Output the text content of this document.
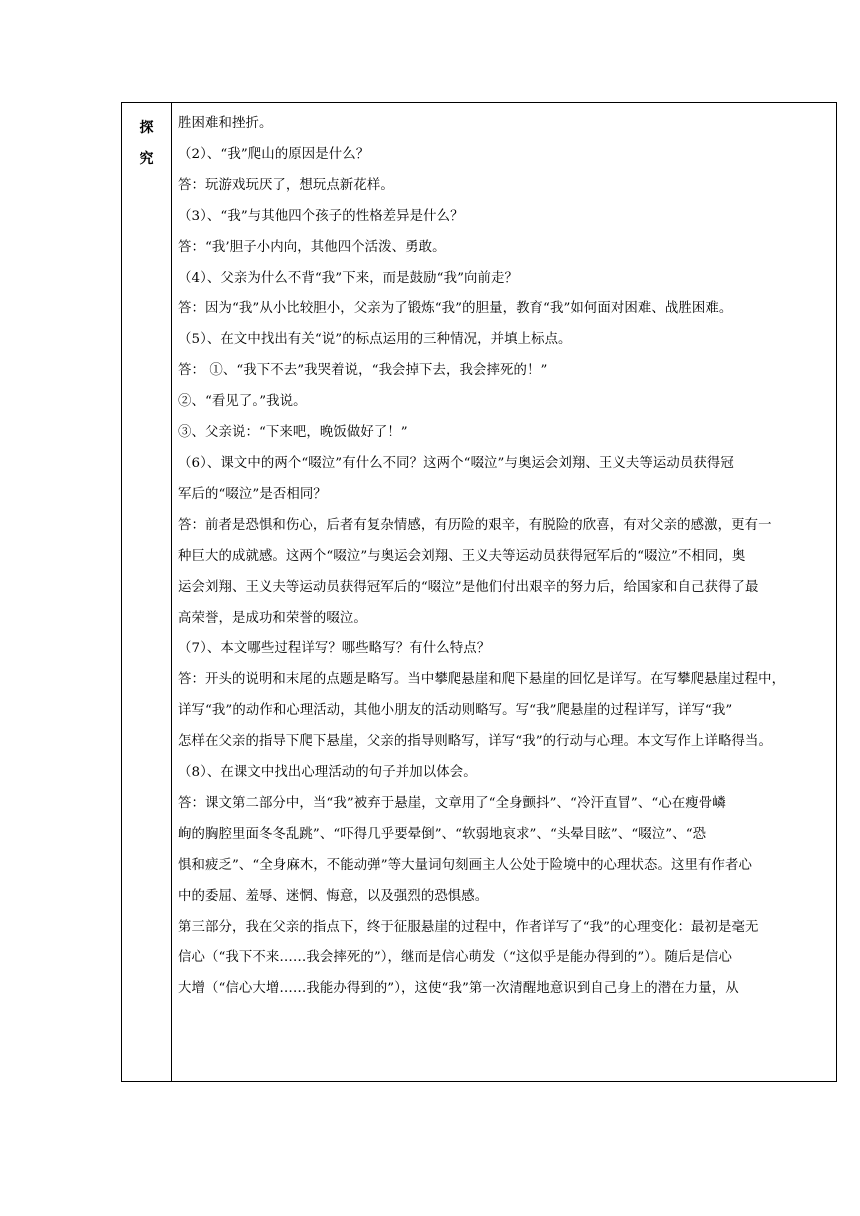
探
究
胜困难和挫折。
（2）、“我”爬山的原因是什么？
答：玩游戏玩厌了，想玩点新花样。
（3）、“我”与其他四个孩子的性格差异是什么？
答：“我’胆子小内向，其他四个活泼、勇敢。
（4）、父亲为什么不背“我”下来，而是鼓励“我”向前走？
答：因为“我”从小比较胆小，父亲为了锻炼“我”的胆量，教育“我”如何面对困难、战胜困难。
（5）、在文中找出有关“说”的标点运用的三种情况，并填上标点。
答： ①、“我下不去”我哭着说，“我会掉下去，我会摔死的！”
②、“看见了。”我说。
③、父亲说：“下来吧，晚饭做好了！”
（6）、课文中的两个“啜泣”有什么不同？这两个“啜泣”与奥运会刘翔、王义夫等运动员获得冠
军后的“啜泣”是否相同？
答：前者是恐惧和伤心，后者有复杂情感，有历险的艰辛，有脱险的欣喜，有对父亲的感激，更有一
种巨大的成就感。这两个“啜泣”与奥运会刘翔、王义夫等运动员获得冠军后的“啜泣”不相同，奥
运会刘翔、王义夫等运动员获得冠军后的“啜泣”是他们付出艰辛的努力后，给国家和自己获得了最
高荣誉，是成功和荣誉的啜泣。
（7）、本文哪些过程详写？哪些略写？有什么特点？
答：开头的说明和末尾的点题是略写。当中攀爬悬崖和爬下悬崖的回忆是详写。在写攀爬悬崖过程中，
详写“我”的动作和心理活动，其他小朋友的活动则略写。写“我”爬悬崖的过程详写，详写“我”
怎样在父亲的指导下爬下悬崖，父亲的指导则略写，详写“我”的行动与心理。本文写作上详略得当。
（8）、在课文中找出心理活动的句子并加以体会。
答：课文第二部分中，当“我”被弃于悬崖，文章用了“全身颤抖”、“冷汗直冒”、“心在瘦骨嶙
峋的胸腔里面冬冬乱跳”、“吓得几乎要晕倒”、“软弱地哀求”、“头晕目眩”、“啜泣”、“恐
惧和疲乏”、“全身麻木，不能动弹”等大量词句刻画主人公处于险境中的心理状态。这里有作者心
中的委屈、羞辱、迷惘、悔意，以及强烈的恐惧感。
第三部分，我在父亲的指点下，终于征服悬崖的过程中，作者详写了“我”的心理变化：最初是毫无
信心（“我下不来……我会摔死的”），继而是信心萌发（“这似乎是能办得到的”）。随后是信心
大增（“信心大增……我能办得到的”），这使“我”第一次清醒地意识到自己身上的潜在力量，从
